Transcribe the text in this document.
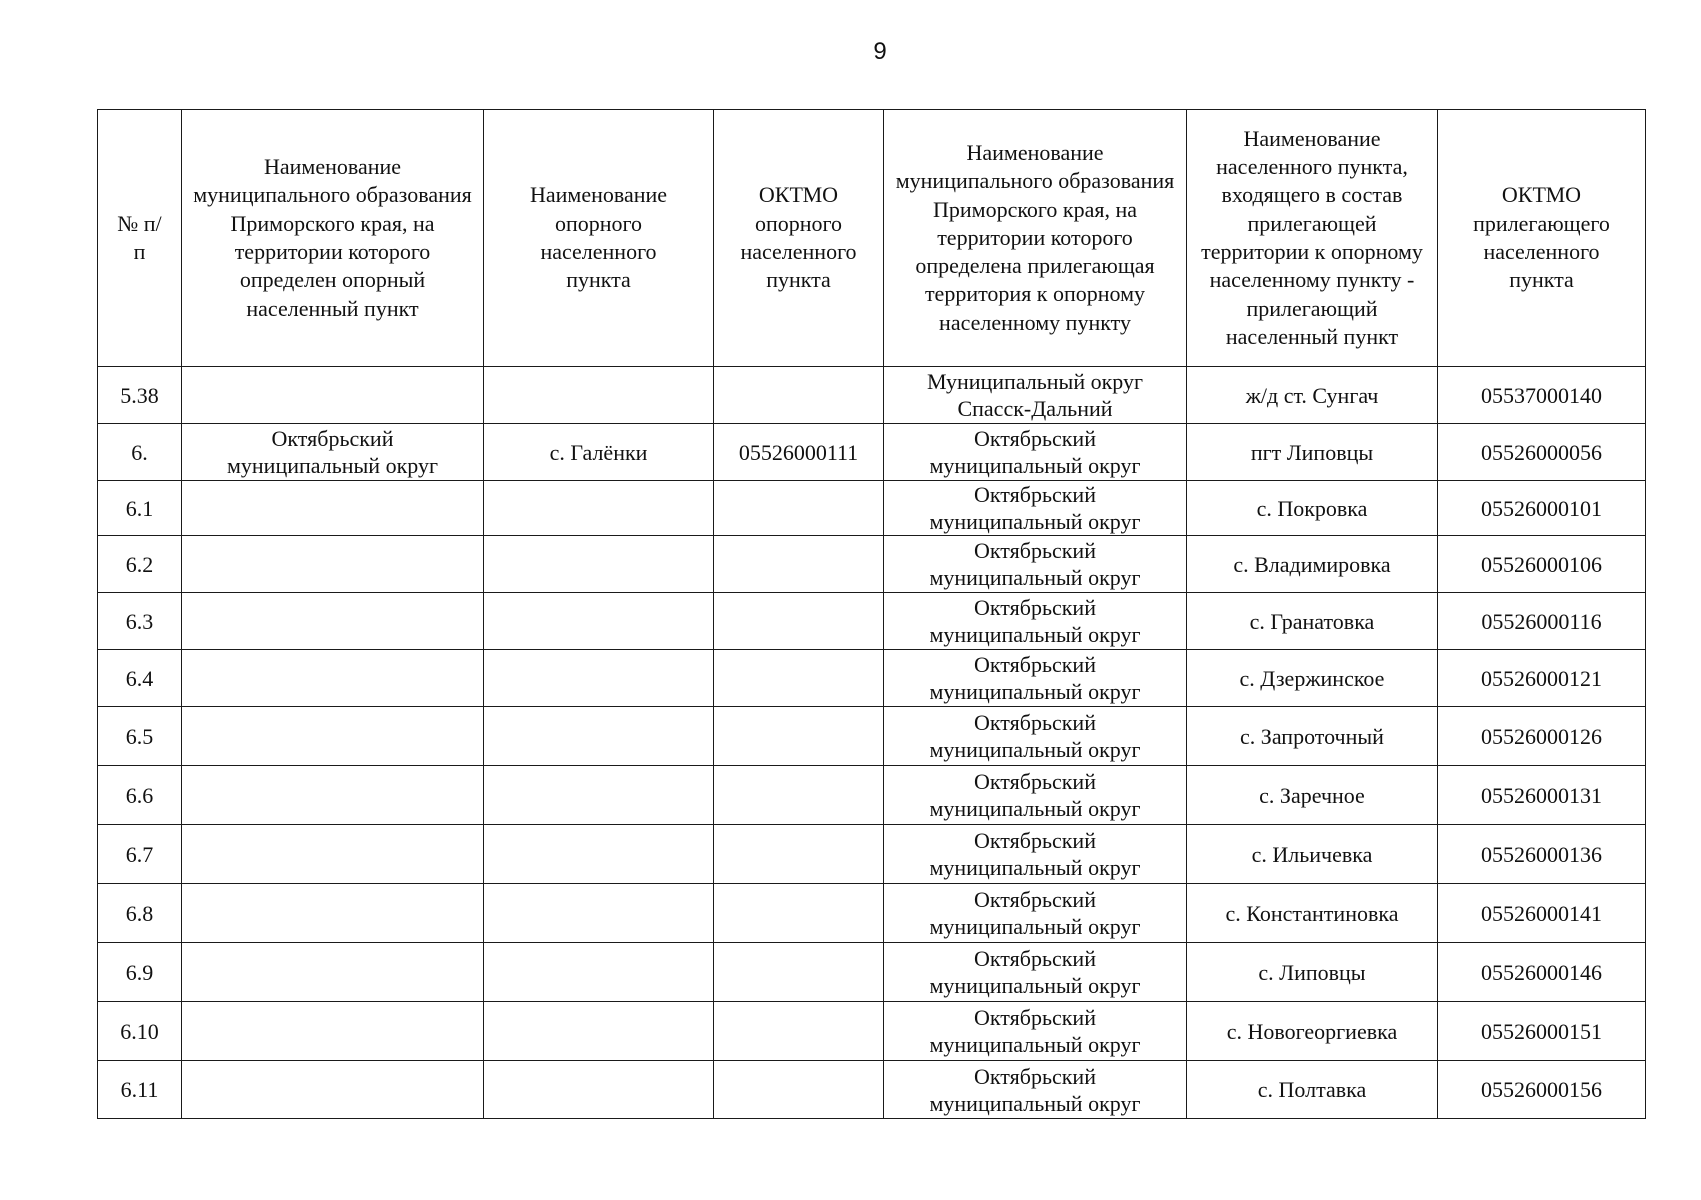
9
№ п/п	Наименование муниципального образования Приморского края, на территории которого определен опорный населенный пункт	Наименование опорного населенного пункта	ОКТМО опорного населенного пункта	Наименование муниципального образования Приморского края, на территории которого определена прилегающая территория к опорному населенному пункту	Наименование населенного пункта, входящего в состав прилегающей территории к опорному населенному пункту - прилегающий населенный пункт	ОКТМО прилегающего населенного пункта
5.38				Муниципальный округ Спасск-Дальний	ж/д ст. Сунгач	05537000140
6.	Октябрьский муниципальный округ	с. Галёнки	05526000111	Октябрьский муниципальный округ	пгт Липовцы	05526000056
6.1				Октябрьский муниципальный округ	с. Покровка	05526000101
6.2				Октябрьский муниципальный округ	с. Владимировка	05526000106
6.3				Октябрьский муниципальный округ	с. Гранатовка	05526000116
6.4				Октябрьский муниципальный округ	с. Дзержинское	05526000121
6.5				Октябрьский муниципальный округ	с. Запроточный	05526000126
6.6				Октябрьский муниципальный округ	с. Заречное	05526000131
6.7				Октябрьский муниципальный округ	с. Ильичевка	05526000136
6.8				Октябрьский муниципальный округ	с. Константиновка	05526000141
6.9				Октябрьский муниципальный округ	с. Липовцы	05526000146
6.10				Октябрьский муниципальный округ	с. Новогеоргиевка	05526000151
6.11				Октябрьский муниципальный округ	с. Полтавка	05526000156
